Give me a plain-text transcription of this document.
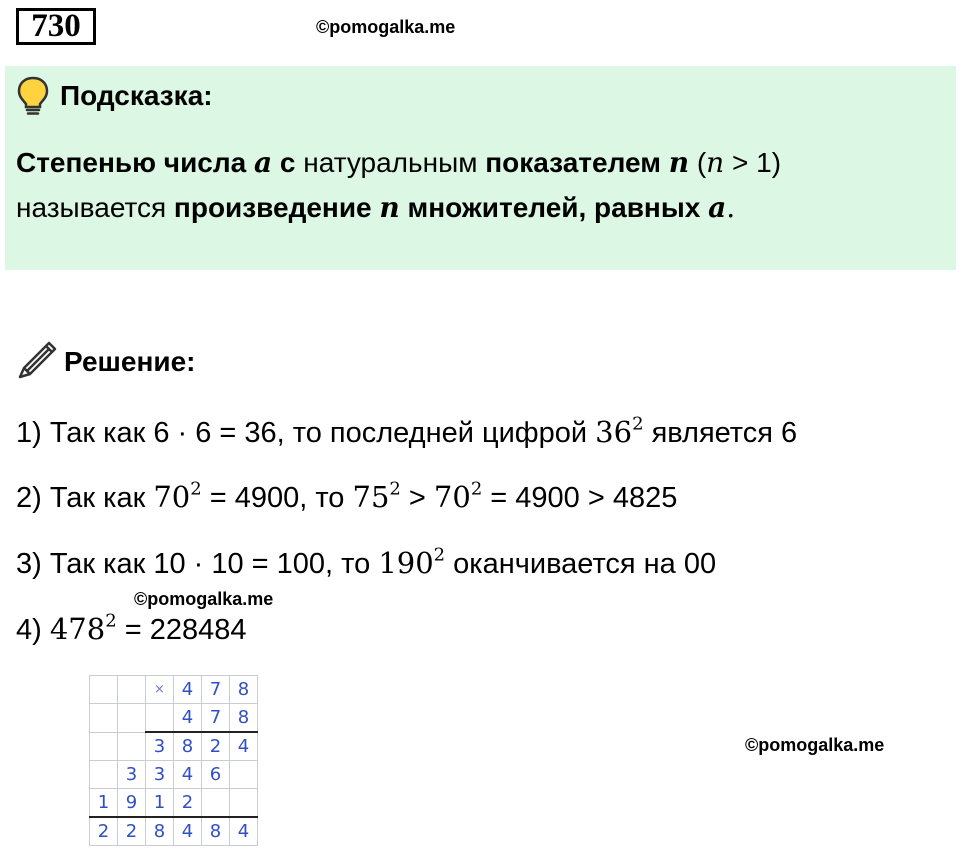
730	©pomogalka.me
Подсказка:
Степенью числа a с натуральным показателем n (n > 1)
называется произведение n множителей, равных a.
Решение:
1) Так как 6 · 6 = 36, то последней цифрой $36^2$ является 6
2) Так как $70^2 = 4900$, то $75^2 > 70^2 = 4900 > 4825$
3) Так как 10 · 10 = 100, то $190^2$ оканчивается на 00
©pomogalka.me
4) $478^2 = 228484$
		×	4	7	8
			4	7	8
		3	8	2	4
	3	3	4	6	
1	9	1	2		
2	2	8	4	8	4
©pomogalka.me
